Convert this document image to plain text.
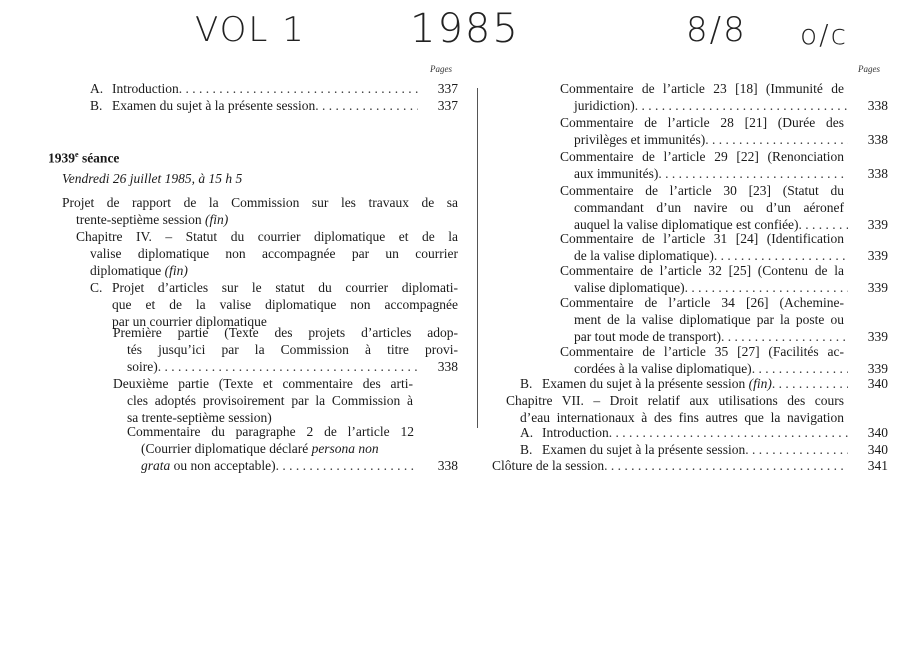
VOL 1	1985	8/8 o/c
Pages	Pages
A. Introduction . . .	337
B. Examen du sujet à la présente session . . .	337
1939e séance
Vendredi 26 juillet 1985, à 15 h 5
Projet de rapport de la Commission sur les travaux de sa
trente-septième session (fin)
Chapitre IV. – Statut du courrier diplomatique et de la
valise diplomatique non accompagnée par un courrier
diplomatique (fin)
C. Projet d’articles sur le statut du courrier diplomati-
que et de la valise diplomatique non accompagnée
par un courrier diplomatique
Première partie (Texte des projets d’articles adop-
tés jusqu’ici par la Commission à titre provi-
soire) . . .	338
Deuxième partie (Texte et commentaire des arti-
cles adoptés provisoirement par la Commission à
sa trente-septième session)
Commentaire du paragraphe 2 de l’article 12
(Courrier diplomatique déclaré persona non
grata ou non acceptable) . . .	338
Commentaire de l’article 23 [18] (Immunité de
juridiction) . . .	338
Commentaire de l’article 28 [21] (Durée des
privilèges et immunités) . . .	338
Commentaire de l’article 29 [22] (Renonciation
aux immunités) . . .	338
Commentaire de l’article 30 [23] (Statut du
commandant d’un navire ou d’un aéronef
auquel la valise diplomatique est confiée) . . .	339
Commentaire de l’article 31 [24] (Identification
de la valise diplomatique) . . .	339
Commentaire de l’article 32 [25] (Contenu de la
valise diplomatique) . . .	339
Commentaire de l’article 34 [26] (Achemine-
ment de la valise diplomatique par la poste ou
par tout mode de transport) . . .	339
Commentaire de l’article 35 [27] (Facilités ac-
cordées à la valise diplomatique) . . .	339
B. Examen du sujet à la présente session (fin) . . .	340
Chapitre VII. – Droit relatif aux utilisations des cours
d’eau internationaux à des fins autres que la navigation
A. Introduction . . .	340
B. Examen du sujet à la présente session . . .	340
Clôture de la session . . .	341
